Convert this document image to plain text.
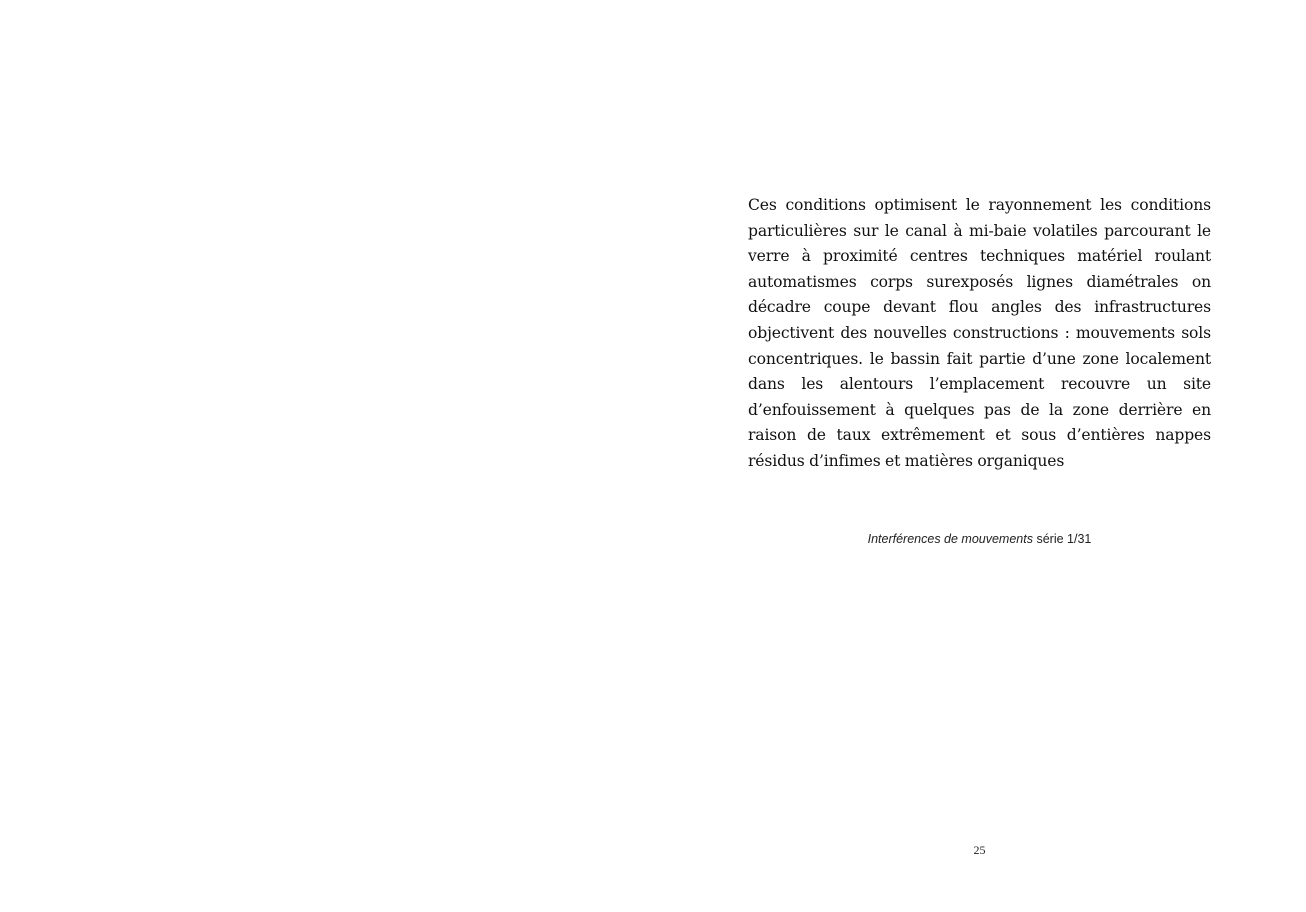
Ces conditions optimisent le rayonnement les conditions particulières sur le canal à mi-baie volatiles parcourant le verre à proximité centres techniques matériel roulant automatismes corps surexposés lignes diamétrales on décadre coupe devant flou angles des infrastructures objectivent des nouvelles constructions : mouvements sols concentriques. le bassin fait partie d’une zone localement dans les alentours l’emplacement recouvre un site d’enfouissement à quelques pas de la zone derrière en raison de taux extrêmement et sous d’entières nappes résidus d’infimes et matières organiques

Interférences de mouvements série 1/31

25
